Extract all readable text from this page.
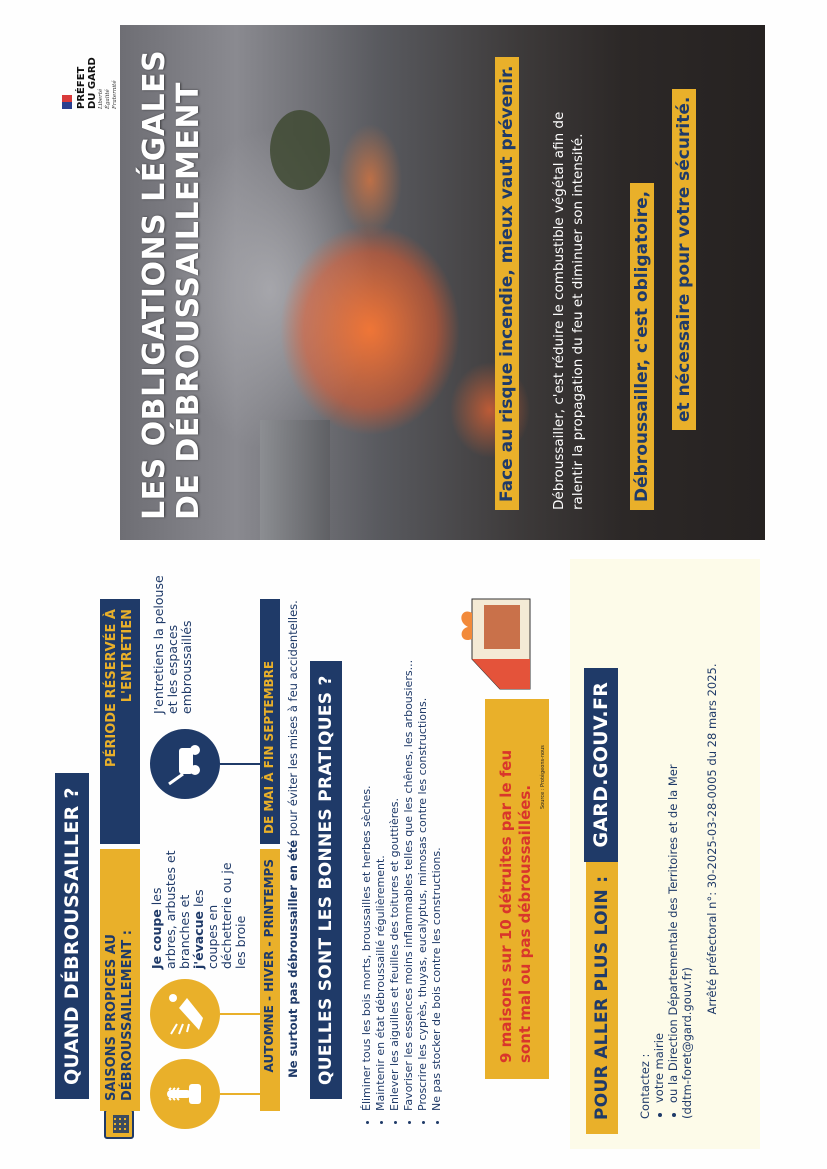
QUAND DÉBROUSSAILLER ?	SAISONS PROPICES AU DÉBROUSSAILLEMENT :
PÉRIODE RÉSERVÉE À L'ENTRETIEN
Je coupe les arbres, arbustes et branches et j'évacue les coupes en déchetterie ou je les broie
J'entretiens la pelouse et les espaces embroussaillés
AUTOMNE - HIVER - PRINTEMPS
DE MAI À FIN SEPTEMBRE
Ne surtout pas débroussailler en été pour éviter les mises à feu accidentelles. QUELLES SONT LES BONNES PRATIQUES ?	• Éliminer tous les bois morts, broussailles et herbes sèches. • Maintenir en état débroussaillé régulièrement. • Enlever les aiguilles et feuilles des toitures et gouttières. • Favoriser les essences moins inflammables telles que les chênes, les arbousiers... • Proscrire les cyprès, thuyas, eucalyptus, mimosas contre les constructions. • Ne pas stocker de bois contre les constructions.	9 maisons sur 10 détruites par le feu sont mal ou pas débroussaillées.
Source : Protégeons-nous
POUR ALLER PLUS LOIN :GARD.GOUV.FR
Contactez : • votre mairie • ou la Direction Départementale des Territoires et de la Mer (ddtm-foret@gard.gouv.fr)
Arrêté préfectoral n°: 30-2025-03-28-0005 du 28 mars 2025.
LES OBLIGATIONS LÉGALES DE DÉBROUSSAILLEMENT	Face au risque incendie, mieux vaut prévenir.	Débroussailler, c'est réduire le combustible végétal afin de ralentir la propagation du feu et diminuer son intensité.	Débroussailler, c'est obligatoire, et nécessaire pour votre sécurité.
PRÉFET DU GARD Liberté Égalité Fraternité
